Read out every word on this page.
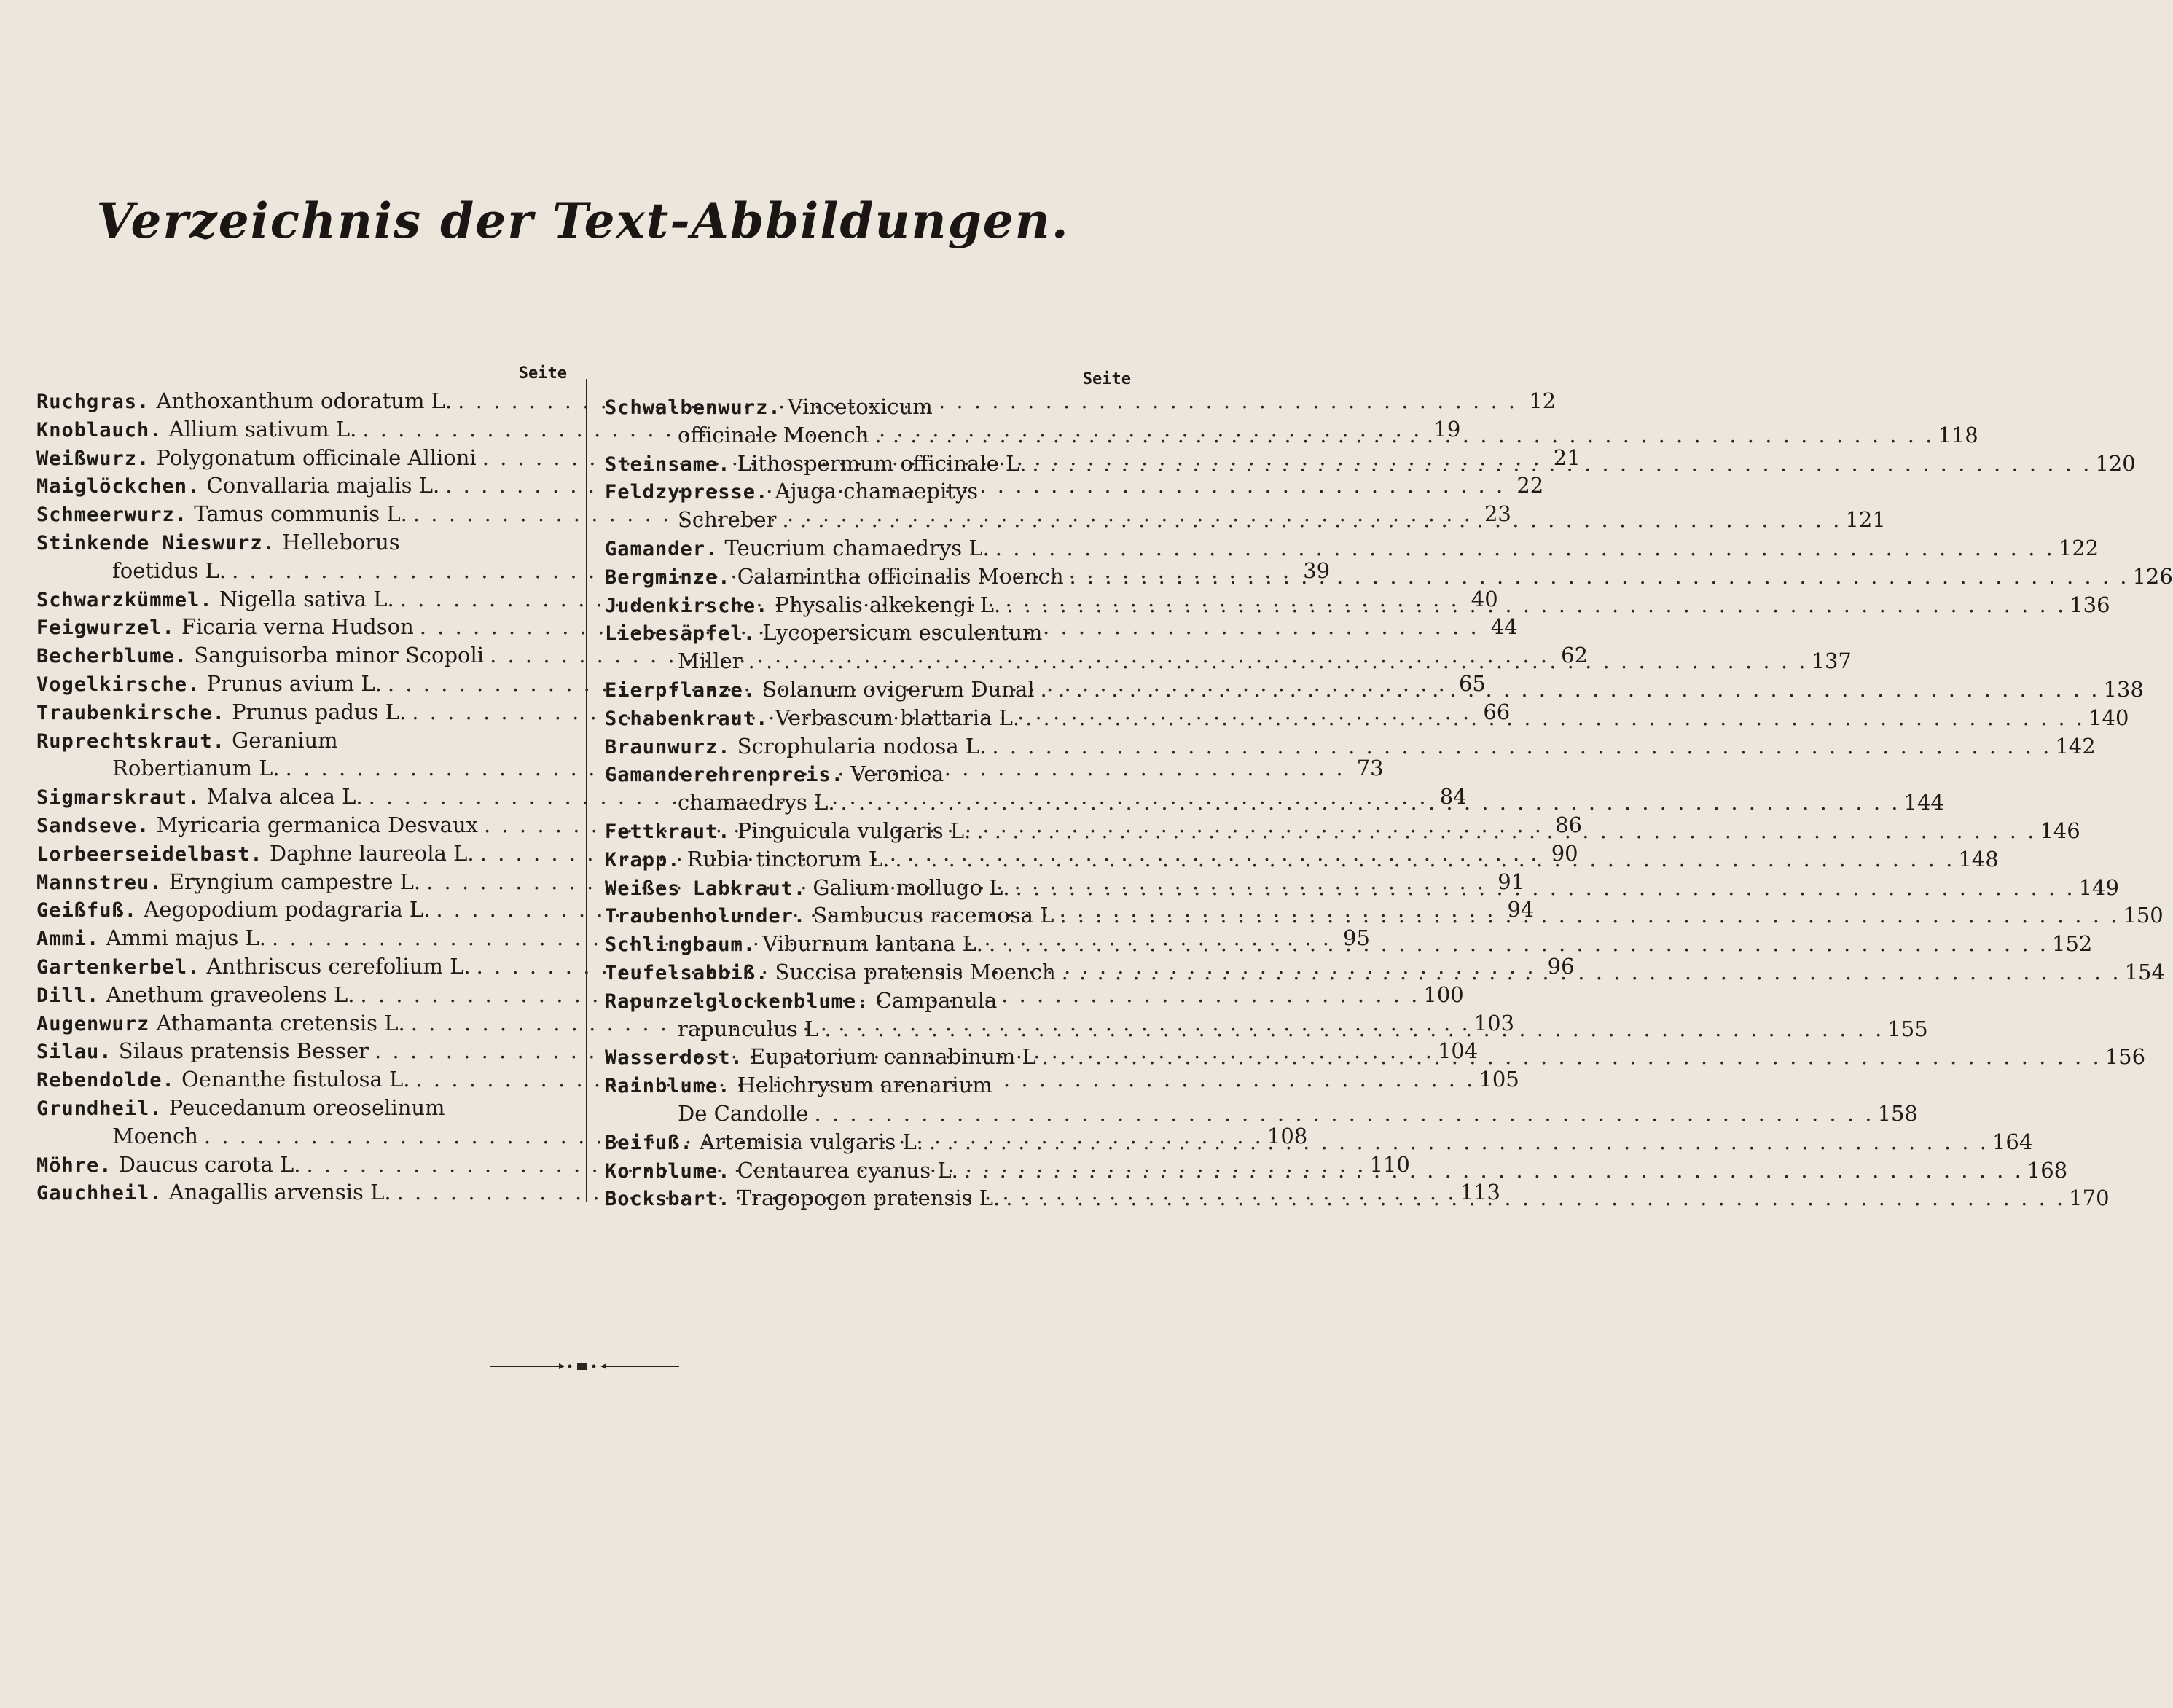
Verzeichnis der Text-Abbildungen.
Seite
Ruchgras. Anthoxanthum odoratum L. . . .	12
Knoblauch. Allium sativum L. . . .	19
Weißwurz. Polygonatum officinale Allioni . . .	21
Maiglöckchen. Convallaria majalis L. . . .	22
Schmeerwurz. Tamus communis L. . . .	23
Stinkende Nieswurz. Helleborus
foetidus L. . . .	39
Schwarzkümmel. Nigella sativa L. . . .	40
Feigwurzel. Ficaria verna Hudson . . .	44
Becherblume. Sanguisorba minor Scopoli . . .	62
Vogelkirsche. Prunus avium L. . . .	65
Traubenkirsche. Prunus padus L. . . .	66
Ruprechtskraut. Geranium
Robertianum L. . . .	73
Sigmarskraut. Malva alcea L. . . .	84
Sandseve. Myricaria germanica Desvaux . . .	86
Lorbeerseidelbast. Daphne laureola L. . . .	90
Mannstreu. Eryngium campestre L. . . .	91
Geißfuß. Aegopodium podagraria L. . . .	94
Ammi. Ammi majus L. . . .	95
Gartenkerbel. Anthriscus cerefolium L. . . .	96
Dill. Anethum graveolens L. . . .	100
Augenwurz Athamanta cretensis L. . . .	103
Silau. Silaus pratensis Besser . . .	104
Rebendolde. Oenanthe fistulosa L. . . .	105
Grundheil. Peucedanum oreoselinum
Moench . . .	108
Möhre. Daucus carota L. . . .	110
Gauchheil. Anagallis arvensis L. . . .	113
Seite
Schwalbenwurz. Vincetoxicum
officinale Moench . . .	118
Steinsame. Lithospermum officinale L. . . .	120
Feldzypresse. Ajuga chamaepitys
Schreber . . .	121
Gamander. Teucrium chamaedrys L. . . .	122
Bergminze. Calamintha officinalis Moench . . .	126
Judenkirsche. Physalis alkekengi L. . . .	136
Liebesäpfel. Lycopersicum esculentum
Miller . . .	137
Eierpflanze. Solanum ovigerum Dunal . . .	138
Schabenkraut. Verbascum blattaria L. . . .	140
Braunwurz. Scrophularia nodosa L. . . .	142
Gamanderehrenpreis. Veronica
chamaedrys L. . . .	144
Fettkraut. Pinguicula vulgaris L. . . .	146
Krapp. Rubia tinctorum L. . . .	148
Weißes Labkraut. Galium mollugo L. . . .	149
Traubenholunder. Sambucus racemosa L . . .	150
Schlingbaum. Viburnum lantana L. . . .	152
Teufelsabbiß. Succisa pratensis Moench . . .	154
Rapunzelglockenblume. Campanula
rapunculus L . . .	155
Wasserdost. Eupatorium cannabinum L . . .	156
Rainblume. Helichrysum arenarium
De Candolle . . .	158
Beifuß. Artemisia vulgaris L. . . .	164
Kornblume. Centaurea cyanus L. . . .	168
Bocksbart. Tragopogon pratensis L. . . .	170
